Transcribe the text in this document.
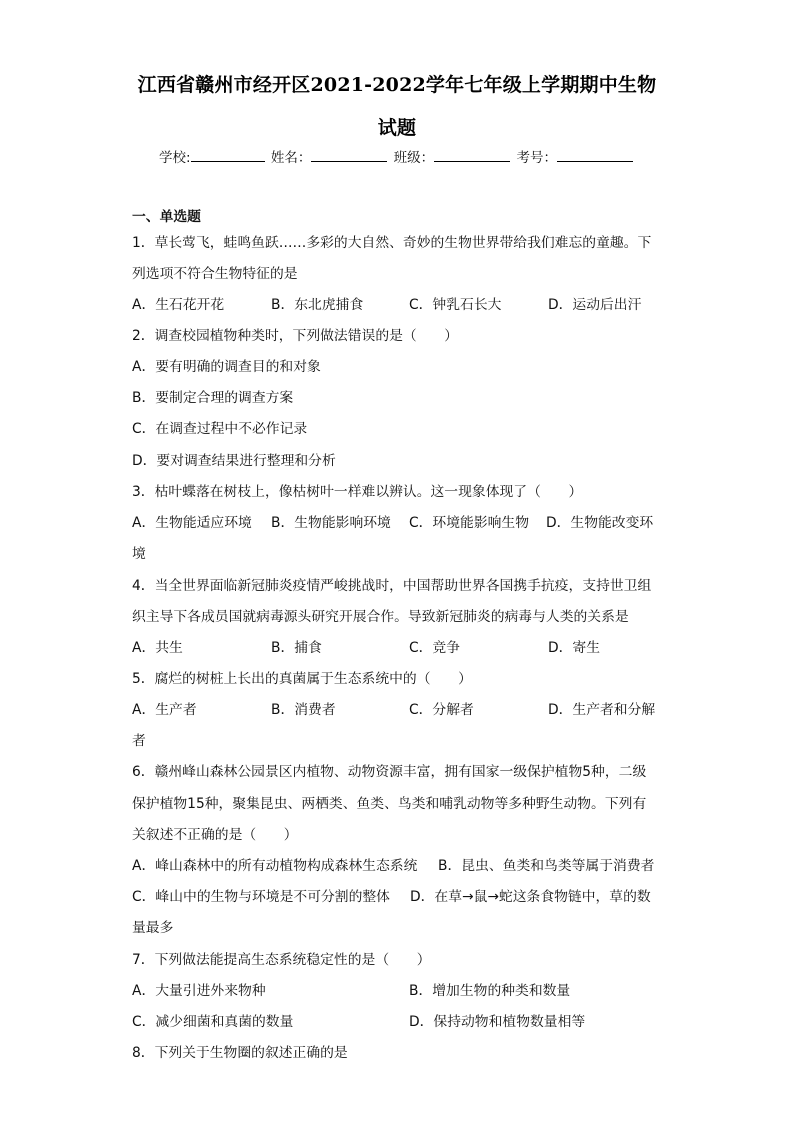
江西省赣州市经开区2021-2022学年七年级上学期期中生物
试题
学校:	姓名：	班级：	考号：
一、单选题
1．草长莺飞，蛙鸣鱼跃……多彩的大自然、奇妙的生物世界带给我们难忘的童趣。下
列选项不符合生物特征的是
A．生石花开花	B．东北虎捕食	C．钟乳石长大	D．运动后出汗
2．调查校园植物种类时，下列做法错误的是（　　）
A．要有明确的调查目的和对象
B．要制定合理的调查方案
C．在调查过程中不必作记录
D．要对调查结果进行整理和分析
3．枯叶蝶落在树枝上，像枯树叶一样难以辨认。这一现象体现了（　　）
A．生物能适应环境 B．生物能影响环境 C．环境能影响生物 D．生物能改变环
境
4．当全世界面临新冠肺炎疫情严峻挑战时，中国帮助世界各国携手抗疫，支持世卫组
织主导下各成员国就病毒源头研究开展合作。导致新冠肺炎的病毒与人类的关系是
A．共生	B．捕食	C．竞争	D．寄生
5．腐烂的树桩上长出的真菌属于生态系统中的（　　）
A．生产者	B．消费者	C．分解者	D．生产者和分解
者
6．赣州峰山森林公园景区内植物、动物资源丰富，拥有国家一级保护植物5种，二级
保护植物15种，聚集昆虫、两栖类、鱼类、鸟类和哺乳动物等多种野生动物。下列有
关叙述不正确的是（　　）
A．峰山森林中的所有动植物构成森林生态系统 B．昆虫、鱼类和鸟类等属于消费者
C．峰山中的生物与环境是不可分割的整体 D．在草→鼠→蛇这条食物链中，草的数
量最多
7．下列做法能提高生态系统稳定性的是（　　）
A．大量引进外来物种	B．增加生物的种类和数量
C．减少细菌和真菌的数量	D．保持动物和植物数量相等
8．下列关于生物圈的叙述正确的是
